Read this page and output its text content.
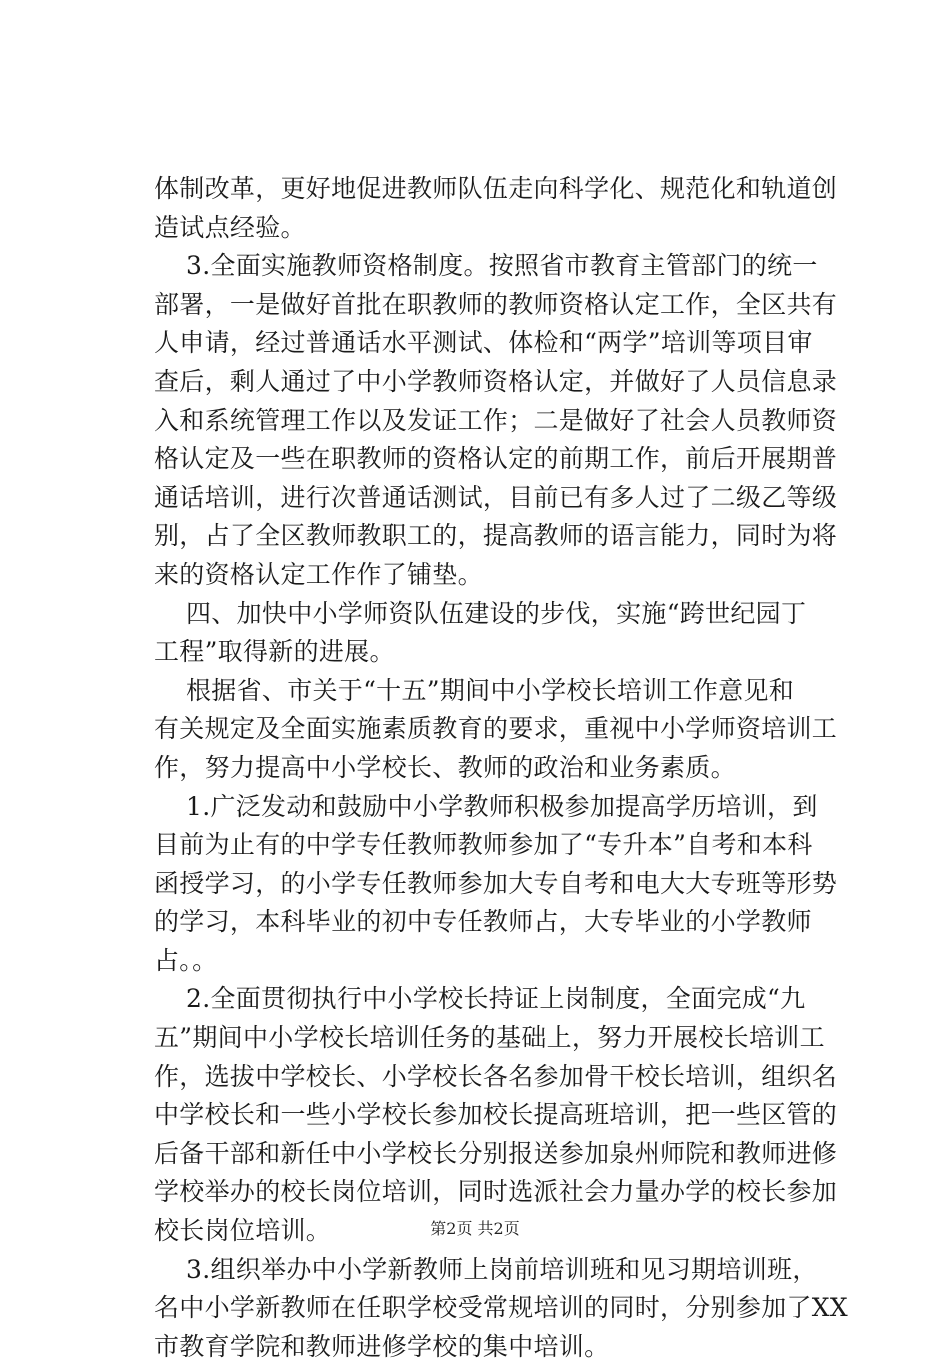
体制改革，更好地促进教师队伍走向科学化、规范化和轨道创
造试点经验。
3.全面实施教师资格制度。按照省市教育主管部门的统一
部署，一是做好首批在职教师的教师资格认定工作，全区共有
人申请，经过普通话水平测试、体检和“两学”培训等项目审
查后，剩人通过了中小学教师资格认定，并做好了人员信息录
入和系统管理工作以及发证工作；二是做好了社会人员教师资
格认定及一些在职教师的资格认定的前期工作，前后开展期普
通话培训，进行次普通话测试，目前已有多人过了二级乙等级
别，占了全区教师教职工的，提高教师的语言能力，同时为将
来的资格认定工作作了铺垫。
四、加快中小学师资队伍建设的步伐，实施“跨世纪园丁
工程”取得新的进展。
根据省、市关于“十五”期间中小学校长培训工作意见和
有关规定及全面实施素质教育的要求，重视中小学师资培训工
作，努力提高中小学校长、教师的政治和业务素质。
1.广泛发动和鼓励中小学教师积极参加提高学历培训，到
目前为止有的中学专任教师教师参加了“专升本”自考和本科
函授学习，的小学专任教师参加大专自考和电大大专班等形势
的学习，本科毕业的初中专任教师占，大专毕业的小学教师
占。。
2.全面贯彻执行中小学校长持证上岗制度，全面完成“九
五”期间中小学校长培训任务的基础上，努力开展校长培训工
作，选拔中学校长、小学校长各名参加骨干校长培训，组织名
中学校长和一些小学校长参加校长提高班培训，把一些区管的
后备干部和新任中小学校长分别报送参加泉州师院和教师进修
学校举办的校长岗位培训，同时选派社会力量办学的校长参加
校长岗位培训。
3.组织举办中小学新教师上岗前培训班和见习期培训班，
名中小学新教师在任职学校受常规培训的同时，分别参加了XX
市教育学院和教师进修学校的集中培训。
第2页 共2页
